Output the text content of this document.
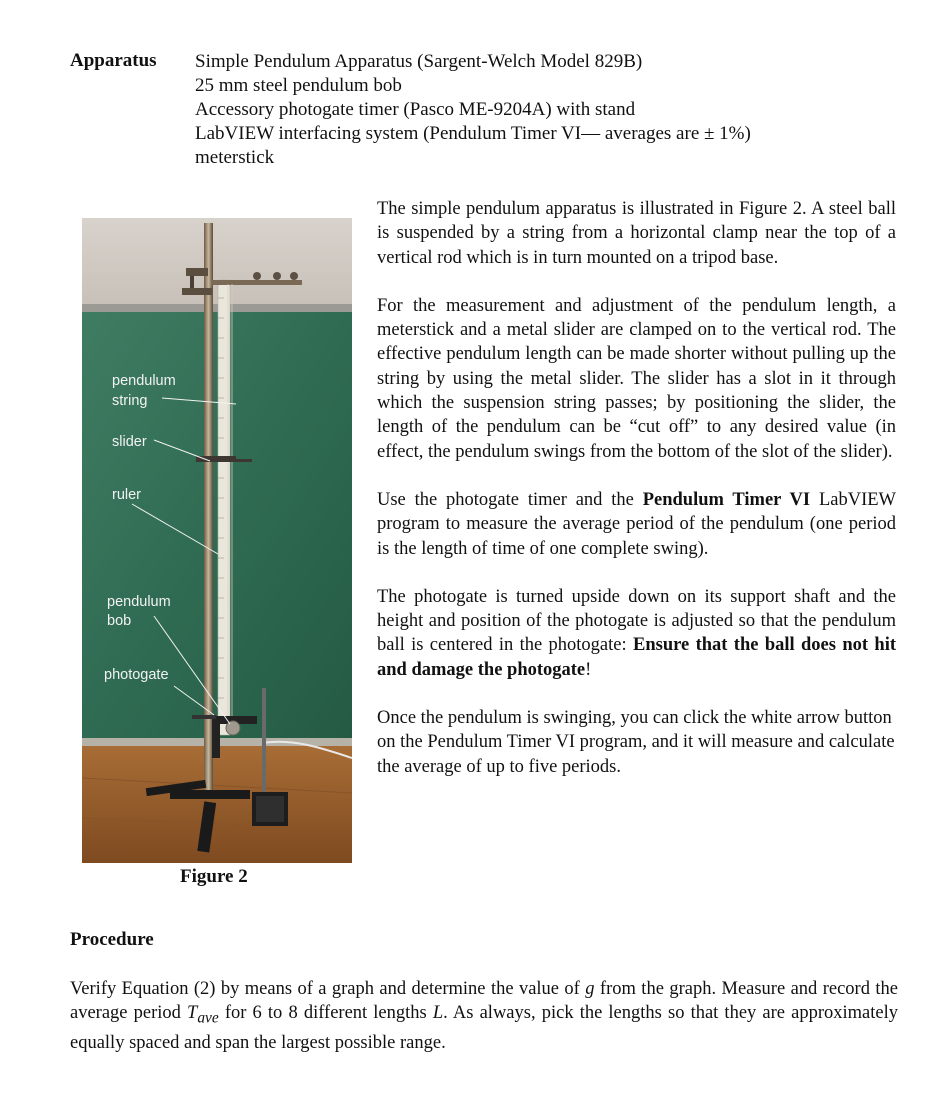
Apparatus Simple Pendulum Apparatus (Sargent-Welch Model 829B)
25 mm steel pendulum bob
Accessory photogate timer (Pasco ME-9204A) with stand
LabVIEW interfacing system (Pendulum Timer VI— averages are ± 1%)
meterstick
pendulum
string
slider
ruler
pendulum
bob
photogate
Figure 2

The simple pendulum apparatus is illustrated in Figure 2. A steel ball is suspended by a string from a horizontal clamp near the top of a vertical rod which is in turn mounted on a tripod base.

For the measurement and adjustment of the pendulum length, a meterstick and a metal slider are clamped on to the vertical rod. The effective pendulum length can be made shorter without pulling up the string by using the metal slider. The slider has a slot in it through which the suspension string passes; by positioning the slider, the length of the pendulum can be “cut off” to any desired value (in effect, the pendulum swings from the bottom of the slot of the slider).

Use the photogate timer and the Pendulum Timer VI LabVIEW program to measure the average period of the pendulum (one period is the length of time of one complete swing).

The photogate is turned upside down on its support shaft and the height and position of the photogate is adjusted so that the pendulum ball is centered in the photogate: Ensure that the ball does not hit and damage the photogate!

Once the pendulum is swinging, you can click the white arrow button on the Pendulum Timer VI program, and it will measure and calculate the average of up to five periods.

Procedure

Verify Equation (2) by means of a graph and determine the value of g from the graph. Measure and record the average period $T_{ave}$ for 6 to 8 different lengths L. As always, pick the lengths so that they are approximately equally spaced and span the largest possible range.
